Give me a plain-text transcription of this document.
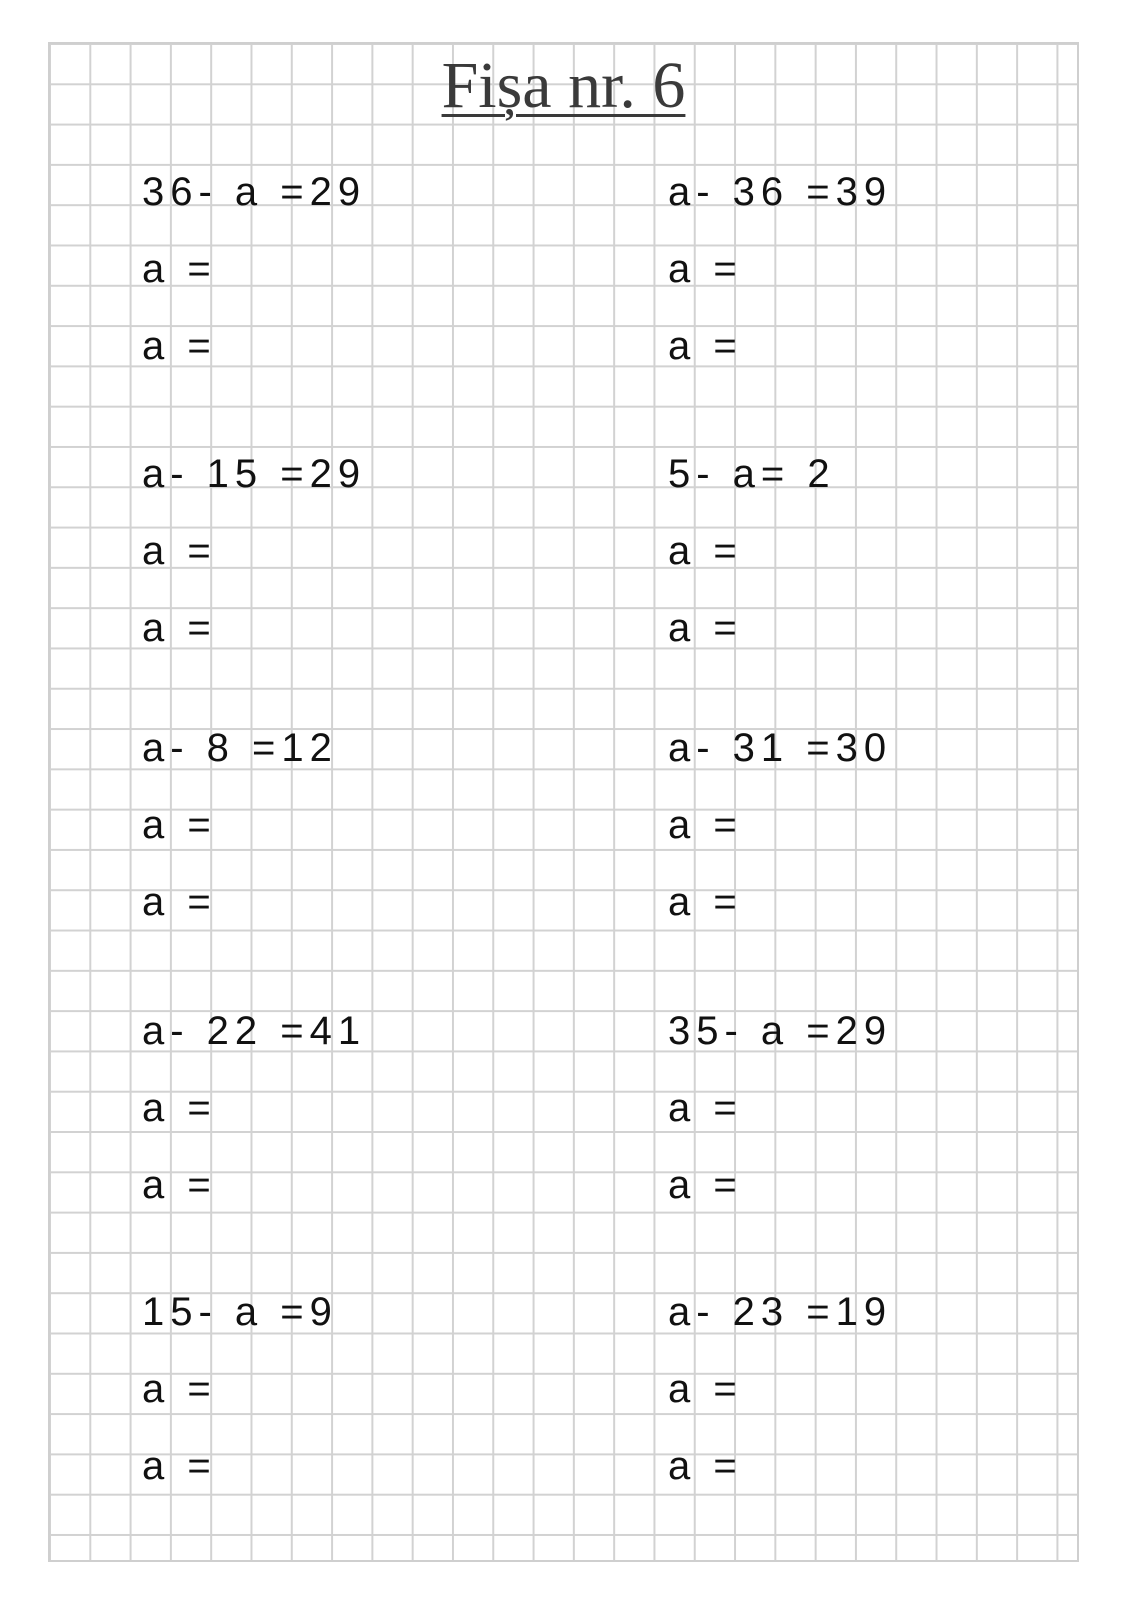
Fișa nr. 6
36- a =29
a =
a =
a- 36 =39
a =
a =
a- 15 =29
a =
a =
5- a= 2
a =
a =
a- 8 =12
a =
a =
a- 31 =30
a =
a =
a- 22 =41
a =
a =
35- a =29
a =
a =
15- a =9
a =
a =
a- 23 =19
a =
a =
